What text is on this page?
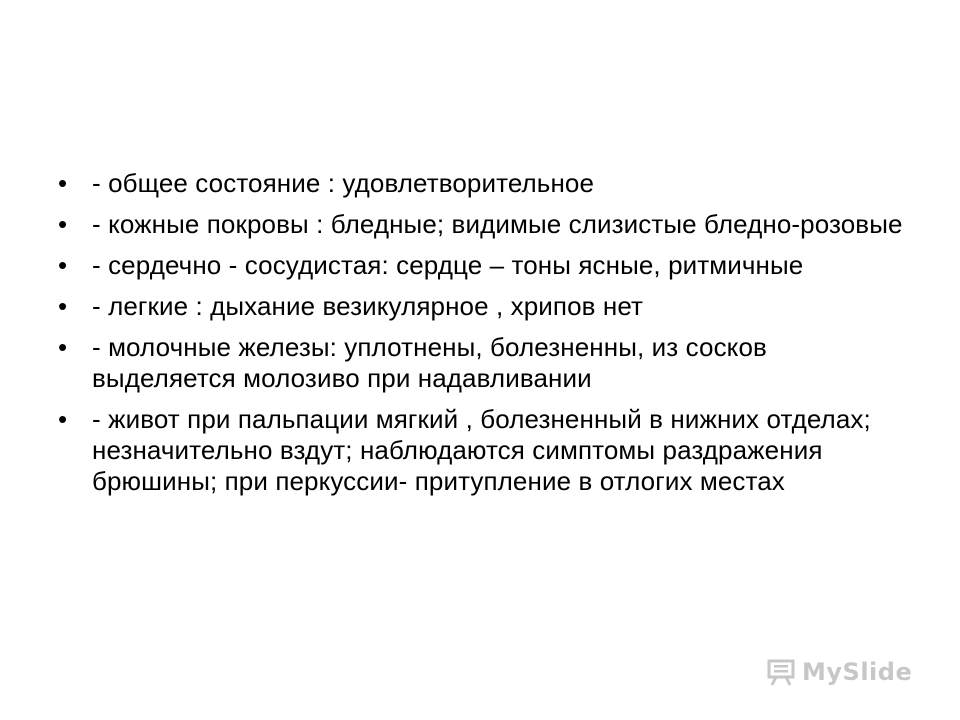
• - общее состояние : удовлетворительное
• - кожные покровы : бледные; видимые слизистые бледно-розовые
• - сердечно - сосудистая: сердце – тоны ясные, ритмичные
• - легкие : дыхание везикулярное , хрипов нет
• - молочные железы: уплотнены, болезненны, из сосков выделяется молозиво при надавливании
• - живот при пальпации мягкий , болезненный в нижних отделах; незначительно вздут; наблюдаются симптомы раздражения брюшины; при перкуссии- притупление в отлогих местах
MySlide
